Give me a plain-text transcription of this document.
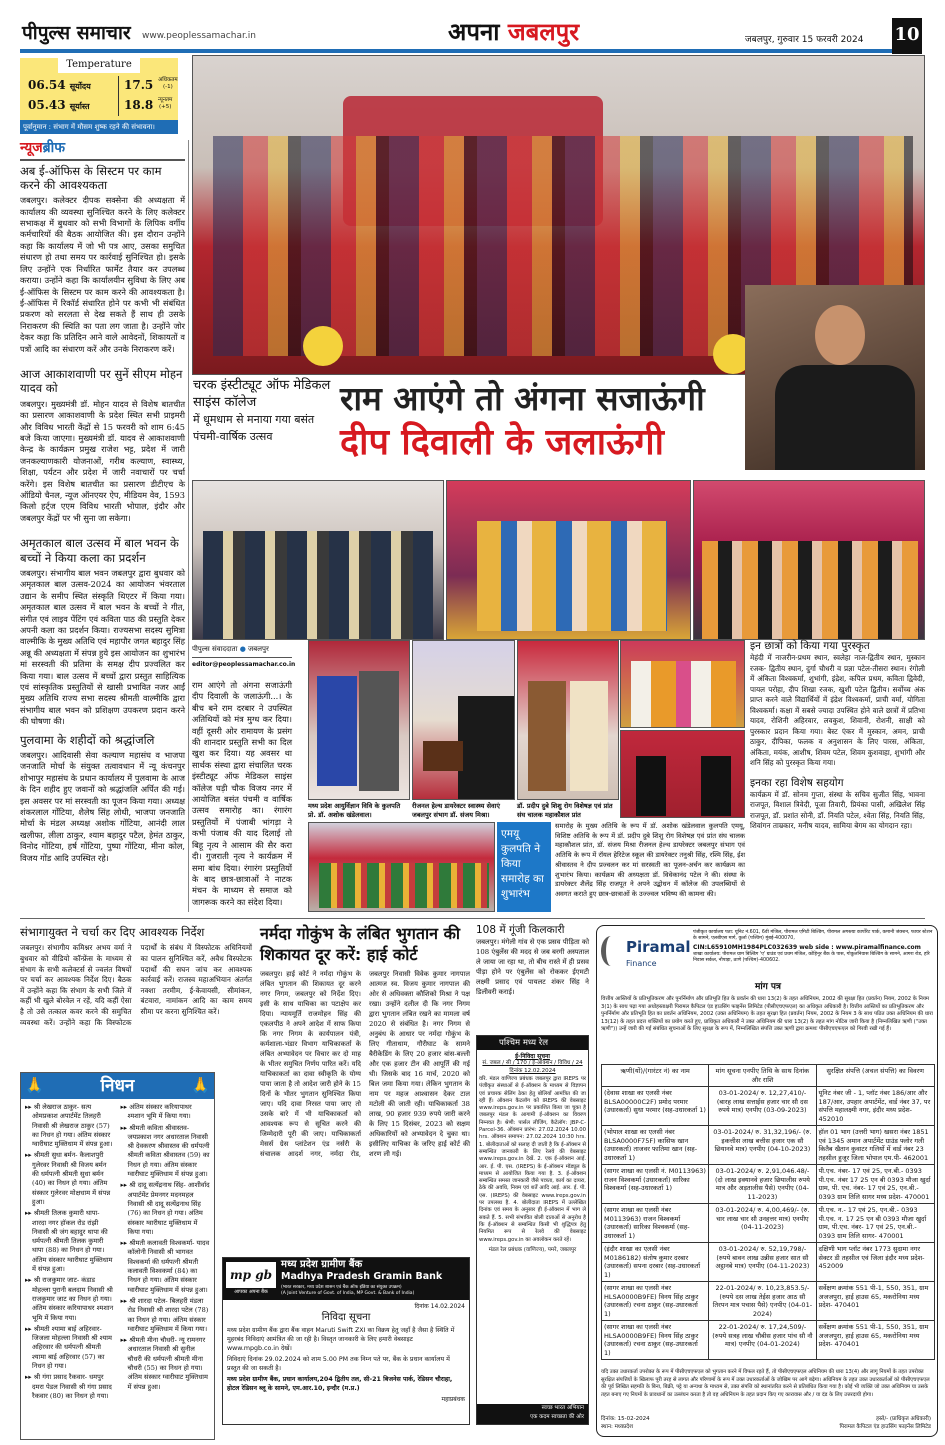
पीपुल्स समाचार www.peoplessamachar.in	अपना जबलपुर	जबलपुर, गुरुवार 15 फरवरी 2024 10
Temperature
06.54 सूर्योदय
05.43 सूर्यास्त
17.5 अधिकतम
(-1)
18.8 न्यूनतम
(+5)
पूर्वानुमान : संभाग में मौसम शुष्क रहने की संभावना।
न्यूजब्रीफ
अब ई-ऑफिस के सिस्टम पर काम करने की आवश्यकता
जबलपुर। कलेक्टर दीपक सक्सेना की अध्यक्षता में कार्यालय की व्यवस्था सुनिश्चित करने के लिए कलेक्टर सभाकक्ष में बुधवार को सभी विभागों के लिपिक वर्गीय कर्मचारियों की बैठक आयोजित की। इस दौरान उन्होंने कहा कि कार्यालय में जो भी पत्र आए, उसका समुचित संधारण हो तथा समय पर कार्रवाई सुनिश्चित हो। इसके लिए उन्होंने एक निर्धारित फार्मेट तैयार कर उपलब्ध कराया। उन्होंने कहा कि कार्यालयीन सुविधा के लिए अब ई-ऑफिस के सिस्टम पर काम करने की आवश्यकता है। ई-ऑफिस में रिकॉर्ड संधारित होने पर कभी भी संबंधित प्रकरण को सरलता से देख सकते हैं साथ ही उसके निराकरण की स्थिति का पता लग जाता है। उन्होंने जोर देकर कहा कि प्रतिदिन आने वाले आवेदनों, शिकायतों व पत्रों आदि का संधारण करें और उनके निराकरण करें।
आज आकाशवाणी पर सुनें सीएम मोहन यादव को
जबलपुर। मुख्यमंत्री डॉ. मोहन यादव से विशेष बातचीत का प्रसारण आकाशवाणी के प्रदेश स्थित सभी प्राइमरी और विविध भारती केंद्रों से 15 फरवरी को शाम 6:45 बजे किया जाएगा। मुख्यमंत्री डॉ. यादव से आकाशवाणी केन्द्र के कार्यक्रम प्रमुख राजेश भट्ट, प्रदेश में जारी जनकल्याणकारी योजनाओं, गरीब कल्याण, स्वास्थ्य, शिक्षा, पर्यटन और प्रदेश में जारी नवाचारों पर चर्चा करेंगे। इस विशेष बातचीत का प्रसारण डीटीएच के ऑडियो चैनल, न्यूज ऑनएयर ऐप, मीडियम वेव, 1593 किलो हर्ट्ज एएम विविध भारती भोपाल, इंदौर और जबलपुर केंद्रों पर भी सुना जा सकेगा।
अमृतकाल बाल उत्सव में बाल भवन के बच्चों ने किया कला का प्रदर्शन
जबलपुर। संभागीय बाल भवन जबलपुर द्वारा बुधवार को अमृतकाल बाल उत्सव-2024 का आयोजन भंवरताल उद्यान के समीप स्थित संस्कृति थिएटर में किया गया। अमृतकाल बाल उत्सव में बाल भवन के बच्चों ने गीत, संगीत एवं लाइव पेंटिंग एवं कविता पाठ की प्रस्तुति देकर अपनी कला का प्रदर्शन किया। राज्यसभा सदस्य सुमित्रा वाल्मीकि के मुख्य अतिथि एवं महापौर जगत बहादुर सिंह अन्नू की अध्यक्षता में संपन्न हुये इस आयोजन का शुभारंभ मां सरस्वती की प्रतिमा के समक्ष दीप प्रज्वलित कर किया गया। बाल उत्सव में बच्चों द्वारा प्रस्तुत साहित्यिक एवं सांस्कृतिक प्रस्तुतियों से खासी प्रभावित नजर आईं मुख्य अतिथि राज्य सभा सदस्य श्रीमती वाल्मीकि द्वारा संभागीय बाल भवन को प्रशिक्षण उपकरण प्रदान करने की घोषणा की।
पुलवामा के शहीदों को श्रद्धांजलि
जबलपुर। आदिवासी सेवा कल्याण महासंघ व भाजपा जनजाति मोर्चा के संयुक्त तत्वावधान में न्यू कंचनपुर शोभापुर महासंघ के प्रधान कार्यालय में पुलवामा के आज के दिन शहीद हुए जवानों को श्रद्धांजलि अर्पित की गई। इस अवसर पर मां सरस्वती का पूजन किया गया। अध्यक्ष शंकरलाल गोंटिया, शैलेष सिंह लोधी, भाजपा जनजाति मोर्चा के मंडल अध्यक्ष अशोक गोंटिया, आनंदी लाल खलीफा, लीला ठाकुर, श्याम बहादुर पटैल, हेमंत ठाकुर, विनोद गोंटिया, हर्ष गोंटिया, पुष्पा गोंटिया, मीना कोल, विजय गोंड आदि उपस्थित रहे।
चरक इंस्टीट्यूट ऑफ मेडिकल साइंस कॉलेज
में धूमधाम से मनाया गया बसंत पंचमी-वार्षिक उत्सव
राम आएंगे तो अंगना सजाऊंगी
दीप दिवाली के जलाऊंगी
पीपुल्स संवाददाता ● जबलपुर
editor@peoplessamachar.co.in
राम आएंगे तो अंगना सजाऊंगी दीप दिवाली के जलाऊंगी...। के बीच बने राम दरबार ने उपस्थित अतिथियों को मंत्र मुग्ध कर दिया। वहीं दूसरी ओर रामायण के प्रसंग की शानदार प्रस्तुति सभी का दिल खुश कर दिया। यह अवसर था सार्थक संस्था द्वारा संचालित चरक इंस्टीट्यूट ऑफ मेडिकल साइंस कॉलेज घड़ी चौक विजय नगर में आयोजित बसंत पंचमी व वार्षिक उत्सव समारोह का। रंगारंग प्रस्तुतियों में पंजाबी भांगड़ा ने कभी पंजाब की याद दिलाई तो बिहू नृत्य ने आसाम की सैर करा दी। गुजराती नृत्य ने कार्यक्रम में समा बांध दिया। रंगारंग प्रस्तुतियों के बाद छात्र-छात्राओं ने नाटक मंचन के माध्यम से समाज को जागरूक करने का संदेश दिया।
मध्य प्रदेश आयुर्विज्ञान विवि के कुलपति प्रो. डॉ. अशोक खंडेलवाल।
रीजनल हेल्थ डायरेक्टर स्वास्थ्य सेवाएं जबलपुर संभाग डॉ. संजय मिश्रा।
डॉ. प्रदीप दुबे शिशु रोग विशेषज्ञ एवं प्रांत संघ चालक महाकौशल प्रांत
एमयू कुलपति ने किया समारोह का शुभारंभ
समारोह के मुख्य अतिथि के रूप में डॉ. अशोक खंडेलवाल कुलपति एमयू, विशिष्ट अतिथि के रूप में डॉ. प्रदीप दुबे शिशु रोग विशेषज्ञ एवं प्रांत संघ चालक महाकौशल प्रांत, डॉ. संजय मिश्रा रीजनल हेल्थ डायरेक्टर जबलपुर संभाग एवं अतिथि के रूप में रॉयल हेरिटेज स्कूल की डायरेक्टर तनुश्री सिंह, रश्मि सिंह, ईश श्रीवास्तव ने दीप प्रज्वलन कर मां सरस्वती का पूजन-अर्चन कर कार्यक्रम का शुभारंभ किया। कार्यक्रम की अध्यक्षता डॉ. विवेकानंद पटेल ने की। संस्था के डायरेक्टर शैलेंद्र सिंह राजपूत ने अपने उद्बोधन में कॉलेज की उपलब्धियों से अवगत कराते हुए छात्र-छात्राओं के उज्ज्वल भविष्य की कामना की।
इन छात्रों को किया गया पुरस्कृत
मेहंदी में नाजरीन-प्रथम स्थान, स्वलेहा नाज-द्वितीय स्थान, मुस्कान रजक- द्वितीय स्थान, दुर्गा चौधरी व प्रज्ञा पटेल-तीसरा स्थान। रंगोली में अंकिता विश्वकर्मा, शुभांगी, इंद्रेश, कपिल प्रथम, कविता द्विवेदी, पायल परोहा, दीप शिखा रजक, खुशी पटेल द्वितीय। सर्वोच्च अंक प्राप्त करने वाले विद्यार्थियों में इंद्रेश विश्वकर्मा, प्राची वर्मा, योगिता विश्वकर्मा। कक्षा में सबसे ज्यादा उपस्थित होने वाले छात्रों में प्रतिभा यादव, रोशिनी अहिरवार, लवकुश, शिवानी, रोशनी, साक्षी को पुरस्कार प्रदान किया गया। बेस्ट एंकर में मुस्कान, अमन, प्राची ठाकुर, दीपिका, फलक व अनुशासन के लिए पारस, अंकिता, अंकिता, मयंक, आशीष, शिवम पटेल, शिवम कुशवाहा, शुभांगी और शनि सिंह को पुरस्कृत किया गया।
इनका रहा विशेष सहयोग
कार्यक्रम में डॉ. सोनम गुप्ता, संस्था के सचिव सुजीत सिंह, भावना राजपूत, विशाल त्रिवेदी, पूजा तिवारी, प्रियंका पासी, अखिलेश सिंह राजपूत, डॉ. प्रशांत सोनी, डॉ. नियति पटेल, श्वेता सिंह, नियति सिंह, शिवांगन ताम्रकार, मनीष यादव, सामिया बेगम का योगदान रहा।
संभागायुक्त ने चर्चा कर दिए आवश्यक निर्देश
जबलपुर। संभागीय कमिश्नर अभय वर्मा ने बुधवार को वीडियो कॉन्फ्रेंस के माध्यम से संभाग के सभी कलेक्टर्स से ज्वलंत विषयों पर चर्चा कर आवश्यक निर्देश दिए। बैठक में उन्होंने कहा कि संभाग के सभी जिले में कहीं भी खुले बोरवेल न रहें, यदि कहीं ऐसा है तो उसे तत्काल कवर करने की समुचित व्यवस्था करें। उन्होंने कहा कि विस्फोटक पदार्थों के संबंध में विस्फोटक अधिनियमों का पालन सुनिश्चित करें, अवैध विस्फोटक पदार्थों की सघन जांच कर आवश्यक कार्रवाई करें। राजस्व महाअभियान अंतर्गत नक्शा तरमीम, ई-केवायसी, सीमांकन, बंटवारा, नामांकन आदि का काम समय सीमा पर करना सुनिश्चित करें।
निधन
🙏	🙏
▸▸ श्री लेखराज ठाकुर- सत्य ओमप्रकाश अपार्टमेंट तिलहरी निवासी श्री लेखराज ठाकुर (57) का निधन हो गया। अंतिम संस्कार ग्वारीघाट मुक्तिधाम में संपन्न हुआ।
▸▸ श्रीमती सुधा बर्मन- कैलाशपुरी गुलेरवर निवासी श्री विजय बर्मन की धर्मपत्नी श्रीमती सुधा बर्मन (40) का निधन हो गया। अंतिम संस्कार गुलेरवर मोक्षधाम में संपन्न हुआ।
▸▸ श्रीमती तिलक कुमारी थापा- शारदा नगर हॉकल रोड रांझी निवासी श्री जंग बहादुर थापा की धर्मपत्नी श्रीमती तिलक कुमारी थापा (88) का निधन हो गया। अंतिम संस्कार ग्वारीघाट मुक्तिधाम में संपन्न हुआ।
▸▸ श्री राजकुमार जाट- कंडाड मोहल्ला पुरानी बलदाम निवासी श्री राजकुमार जाट का निधन हो गया। अंतिम संस्कार करियापाथर श्मशान भूमि में किया गया।
▸▸ श्रीमती श्यामा बाई अहिरवार- जिजला मोहल्ला निवासी श्री श्याम अहिरवार की धर्मपत्नी श्रीमती श्यामा बाई अहिरवार (57) का निधन हो गया।
▸▸ श्री गंगा प्रसाद रैकवार- धमपुर दमरा पेडल निवासी श्री गंगा प्रसाद रैकवार (80) का निधन हो गया।
▸▸ अंतिम संस्कार करियापाथर श्मशान भूमि में किया गया।
▸▸ श्रीमती कविता श्रीवास्तव- जयप्रकाश नगर अधारताल निवासी श्री देवकरण श्रीवास्तव की धर्मपत्नी श्रीमती कविता श्रीवास्तव (59) का निधन हो गया। अंतिम संस्कार ग्वारीघाट मुक्तिधाम में संपन्न हुआ।
▸▸ श्री दादू सत्येंद्रनाथ सिंह- आशीर्वाद अपार्टमेंट प्रेमनगर मदनमहल निवासी श्री दादू सत्येंद्रनाथ सिंह (76) का निधन हो गया। अंतिम संस्कार ग्वारीघाट मुक्तिधाम में किया गया।
▸▸ श्रीमती कलावती विश्वकर्मा- यादव कॉलोनी निवासी श्री भागवत विश्वकर्मा की धर्मपत्नी श्रीमती कलावती विश्वकर्मा (84) का निधन हो गया। अंतिम संस्कार ग्वारीघाट मुक्तिधाम में संपन्न हुआ।
▸▸ श्री शारदा पटेल- बिलहरी मंडला रोड निवासी श्री शारदा पटेल (78) का निधन हो गया। अंतिम संस्कार ग्वारीघाट मुक्तिधाम में किया गया।
▸▸ श्रीमती मीना चौधरी- न्यू रामनगर अधारताल निवासी श्री सुनील चौधरी की धर्मपत्नी श्रीमती मीना चौधरी (55) का निधन हो गया। अंतिम संस्कार ग्वारीघाट मुक्तिधाम में संपन्न हुआ।
नर्मदा गोकुंभ के लंबित भुगतान की शिकायत दूर करें: हाई कोर्ट
जबलपुर। हाई कोर्ट ने नर्मदा गोकुंभ के लंबित भुगतान की शिकायत दूर करने नगर निगम, जबलपुर को निर्देश दिए। इसी के साथ याचिका का पटाक्षेप कर दिया। न्यायमूर्ति राजमोहन सिंह की एकलपीठ ने अपने आदेश में साफ किया कि नगर निगम के कार्यपालन यंत्री, कर्मशाला-भंडार विभाग याचिकाकर्ता के लंबित अभ्यावेदन पर विचार कर दो माह के भीतर समुचित निर्णय पारित करें। यदि याचिकाकर्ता का दावा स्वीकृति के योग्य पाया जाता है तो आदेश जारी होने के 15 दिनों के भीतर भुगतान सुनिश्चित किया जाए। यदि दावा निरस्त पाया जाए तो उसके बारे में भी याचिकाकर्ता को आवश्यक रूप से सूचित करने की जिम्मेदारी पूरी की जाए। याचिकाकर्ता मेसर्स ग्रेस प्लांटेशन एंड नर्सरी के संचालक आदर्श नगर, नर्मदा रोड, जबलपुर निवासी विवेक कुमार नागपाल आत्मज स्व. विजय कुमार नागपाल की ओर से अधिवक्ता कौशिको मिश्रा ने पक्ष रखा। उन्होंने दलील दी कि नगर निगम द्वारा भुगतान लंबित रखने का मामला वर्ष 2020 से संबंधित है। नगर निगम से अनुबंध के आधार पर नर्मदा गोकुंभ के लिए गीताधाम, गौरीघाट के सामने बैरीकेडिंग के लिए 20 हजार बांस-बल्ली और एक हजार टीन की आपूर्ति की गई थी। जिसके बाद 16 मार्च, 2020 को बिल जमा किया गया। लेकिन भुगतान के नाम पर महज आश्वासन देकर टाल मटोली की जाती रही। याचिकाकर्ता 38 लाख, 90 हजार 939 रुपये जारी करने के लिए 15 दिसंबर, 2023 को सक्षम अधिकारियों को अभ्यावेदन दे चुका था। इसीलिए याचिका के जरिए हाई कोर्ट की शरण ली गई।
mp gb
आपका अपना बैंक
मध्य प्रदेश ग्रामीण बैंक
Madhya Pradesh Gramin Bank
(भारत सरकार, मध्य प्रदेश शासन एवं बैंक ऑफ इंडिया का संयुक्त उपक्रम)
(A Joint Venture of Govt. of India, MP Govt. & Bank of India)
दिनांक 14.02.2024
निविदा सूचना
मध्य प्रदेश ग्रामीण बैंक द्वारा बैंक वाहन Maruti Swift ZXI का विक्रय हेतु जहाँ है जैसा है स्थिति में मुहरबंद निविदाएं आमंत्रित की जा रही है। विस्तृत जानकारी के लिए हमारी वेबसाइट www.mpgb.co.in देखें।
निविदाएं दिनांक 29.02.2024 को शाम 5.00 PM तक निम्न पते पर, बैंक के प्रधान कार्यालय में प्रस्तुत की जा सकती है।
मध्य प्रदेश ग्रामीण बैंक, प्रधान कार्यालय,204 द्वितीय तल, सी-21 बिजनेस पार्क, रेडिसन चौराहा, होटल रेडिसन ब्लू के सामने, एम.आर.10, इन्दौर (म.प्र.)
महाप्रबंधक
108 में गूंजी किलकारी
जबलपुर। मंगेली गांव से एक प्रसव पीड़िता को 108 एंबुलेंस की मदद से जब बरगी अस्पताल ले जाया जा रहा था, तो बीच रास्ते में ही प्रसव पीड़ा होने पर एंबुलेंस को रोककर ईएमटी लक्ष्मी प्रसाद एवं पायलट शंकर सिंह ने डिलीवरी कराई।
पश्चिम मध्य रेल
ई-निविदा सूचना
सं. जबल / सी / 170 / ई-ऑक्शन / विविध / 24 दिनांक 12.02.2024
वरि. मंडल वाणिज्य प्रबंधक जबलपुर द्वारा IREPS पर पंजीकृत संस्थाओं से ई-ऑक्शन के माध्यम से विज्ञापन एवं प्रचारक सेलिंग ठेका हेतु बोलियाँ आमंत्रित की जा रही हैं। ऑक्शन कैटलॉग को IREPS की वेबसाइट www.ireps.gov.in पर प्रकाशित किया जा चुका है जबलपुर मंडल के आगामी ई-ऑक्शन का विवरण निम्नवत है। श्रेणी: पार्सल लीजिंग, कैटेलॉग: JBP-C-Parcel-36. ऑक्शन प्रारंभ: 27.02.2024 10.00 hrs. ऑक्शन समापन: 27.02.2024 10:30 hrs. 1. बोलीदाताओं को सलाह दी जाती है कि ई-ऑक्शन से सम्बन्धित जानकारी के लिए रेलवे की वेबसाइट www.ireps.gov.in देखें. 2. एक ई-ऑक्शन आई. आर. ई. पी. एस. (IREPS) के ई-ऑक्शन मॉड्यूल के माध्यम से आयोजित किया गया है. 3. ई-ऑक्शन सम्बन्धित समस्त जानकारी जैसे पात्रता, कार्य का दायरा, ठेके की अवधि, नियम एवं शर्तें आदि आई. आर. ई. पी. एस. (IREPS) की वेबसाइट www.ireps.gov.in पर उपलब्ध है. 4. बोलीदाता IREPS में उल्लेखित दिनांक एवं समय के अनुसार ही ई-ऑक्शन में भाग ले सकते हैं. 5. सभी संभावित बोली दाताओं से अनुरोध है कि ई-ऑक्शन से सम्बन्धित किसी भी शुद्धिपत्र हेतु नियमित रूप से रेलवे की वेबसाइट www.ireps.gov.in का अवलोकन करते रहें।
मंडल रेल प्रबंधक (वाणिज्य), पमरे, जबलपुर
स्वच्छ भारत अभियान
एक कदम स्वच्छता की ओर
Piramal
Finance
पंजीकृत कार्यालय पता: यूनिट नं.601, 6वी मंजिल, पीरामल एमिटी बिल्डिंग, पीरामल अगस्त्या कार्पोरेट पार्क, कमानी जंक्शन, फायर स्टेशन के सामने, एलबीएस मार्ग, कुर्ला (पश्चिम) मुंबई-400070,
CIN:L65910MH1984PLC032639 web side : www.piramalfinance.com
शाखा कार्यालय: पीरामल ग्राम बिल्डिंग 'ए' ग्राउंड एवं प्रथम मंजिल, कोहिनूर बैंक के पास, गोकुलनिवास बिल्डिंग के सामने, आगरा रोड, हरि निवास सर्कल, नौपाड़ा, ठाणे (पश्चिम)-400602.
मांग पत्र
वित्तीय आस्तियों के प्रतिभूतिकरण और पुनर्निर्माण और प्रतिभूति हित के प्रवर्तन की धारा 13(2) के तहत अधिनियम, 2002 की सुरक्षा हित (प्रवर्तन) नियम, 2002 के नियम 3(1) के साथ पढ़ा गया अधोहस्ताक्षरी पिरामल कैपिटल एंड हाउसिंग फाइनेंस लिमिटेड (पीसीएचएफएल) का अधिकृत अधिकारी है। वित्तीय आस्तियों का प्रतिभूतिकरण और पुनर्निर्माण और प्रतिभूति हित का प्रवर्तन अधिनियम, 2002 (उक्त अधिनियम) के तहत सुरक्षा हित (प्रवर्तन) नियम, 2002 के नियम 3 के साथ पठित उक्त अधिनियम की धारा 13(12) के तहत प्रदत्त शक्तियों का प्रयोग करते हुए, प्राधिकृत अधिकारी ने उक्त अधिनियम की धारा 13(2) के तहत मांग नोटिस जारी किया है (निम्नलिखित ऋणी ("उक्त ऋणी")) उन्हें जारी की गई संबंधित सूचनाओं के लिए सुरक्षा के रूप में, निम्नलिखित संपत्ति उक्त ऋणी द्वारा क्रमशः पीसीएचएफएल को गिरवी रखी गई हैं।
ऋणी(यों)/(गारंटर नं) का नाम	मांग सूचना एनपीए तिथि के साथ दिनांक और राशि	सुरक्षित संपत्ति (अचल संपत्ति) का विवरण
(देवास शाखा का एलसी नंबर BLSA00000C2F) प्रमोद परमार (उधारकर्ता) सुधा परमार (सह-उधारकर्ता 1)	03-01-2024/ रु. 12,27,410/- (बारह लाख सत्ताईस हजार चार सौ दस रुपये मात्र) एनपीए (03-09-2023)	यूनिट नंबर जी - 1, प्लॉट नंबर 186/आर और 187/आर, उपहार अपार्टमेंट, वार्ड नंबर 37, पर संपत्ति महालक्ष्मी नगर, इंदौर मध्य प्रदेश- 452010
(भोपाल शाखा का एलसी नंबर BLSA0000F75F) कासिफ खान (उधारकर्ता) ताजवर फातिमा खान (सह-उधारकर्ता 1)	03-01-2024/ रु. 31,32,196/- (रु. इकत्तीस लाख बत्तीस हजार एक सौ छियानवे मात्र) एनपीए (04-10-2023)	हॉल 01 भाग (उत्तरी भाग) खसरा नंबर 1851 एवं 1345 अमान अपार्टमेंट ग्राउंड फ्लोर गली कितैब खैतान कुवाटर गलियों में वार्ड नंबर 23 तहसील हुजूर जिला भोपाल एम.पी- 462001
(सागर शाखा का एलसी नं. M0113963) राजन विश्वकर्मा (उधारकर्ता) सारिका विश्वकर्मा (सह-उधारकर्ता 1)	03-01-2024/ रु. 2,91,046.48/- (दो लाख इक्यानवे हजार छियालीस रुपये मात्र और अड़तालीस पैसे) एनपीए (04-11-2023)	पी.एच. नंबर- 17 एवं 25, एन.बी.- 0393 पी.एच. नंबर 17 25 एन बी 0393 मौजा खुर्दा ग्राम, पी. एच. नंबर- 17 एवं 25, एन.बी.- 0393 ग्राम तिलि सागर मध्य प्रदेश- 470001
(सागर शाखा का एलसी नंबर M0113963) राजन विश्वकर्मा (उधारकर्ता) सारिका विश्वकर्मा (सह-उधारकर्ता 1)	03-01-2024/ रु. 4,00,469/- (रु. चार लाख चार सौ उनहत्तर मात्र) एनपीए (04-11-2023)	पी.एच. न.- 17 एवं 25, एन.बी.- 0393 पी.एच. न. 17 25 एन बी 0393 मौजा खुर्दा ग्राम, पी.एच. नंबर- 17 एवं 25, एन.बी.- 0393 ग्राम तिलि सागर- 470001
(इंदौर शाखा का एलसी नंबर M0186182) संतोष कुमार दरबार (उधारकर्ता) सपना दरबार (सह-उधारकर्ता 1)	03-01-2024/ रु. 52,19,798/- (रुपये बावन लाख उन्नीस हजार सात सौ अट्ठानबे मात्र) एनपीए (04-11-2023)	दक्षिणी भाग प्लॉट नंबर 1773 सुदामा नगर सेक्टर डी तहसील एवं जिला इंदौर मध्य प्रदेश- 452009
(सागर शाखा का एलसी नंबर HLSA0000B9FE) विनय सिंह ठाकुर (उधारकर्ता) रचना ठाकुर (सह-उधारकर्ता 1)	22-01-2024/ रु. 10,23,853.5/- (रुपये दस लाख तेईस हजार आठ सौ तिरपन मात्र पचास पैसे) एनपीए (04-01-2024)	सर्वेक्षण क्रमांक 551 पी-1, 550, 351, ग्राम अजजपुरा, हाई हाउस 65, मकरोनिया मध्य प्रदेश- 470401
(सागर शाखा का एलसी नंबर HLSA0000B9FE) विनय सिंह ठाकुर (उधारकर्ता) रचना ठाकुर (सह-उधारकर्ता 1)	22-01-2024/ रु. 17,24,509/- (रुपये सत्रह लाख चौबीस हजार पांच सौ नौ मात्र) एनपीए (04-01-2024)	सर्वेक्षण क्रमांक 551 पी-1, 550, 351, ग्राम अजजपुरा, हाई हाउस 65, मकरोनिया मध्य प्रदेश- 470401
यदि उक्त उधारकर्ता उपरोक्त के रूप में पीसीएचएफएल को भुगतान करने में विफल रहते हैं, तो पीसीएचएफएल अधिनियम की धारा 13(4) और लागू नियमों के तहत उपरोक्त सुरक्षित संपत्तियों के खिलाफ पूरी तरह से लागत और परिणामों के रूप में उक्त उधारकर्ताओं के जोखिम पर आगे बढ़ेगा। अधिनियम के तहत उक्त उधारकर्ताओं को पीसीएचएफएल की पूर्व लिखित सहमति के बिना, बिक्री, पट्टे या अन्यथा के माध्यम से, उक्त संपत्ति को स्थानांतरित करने से प्रतिबंधित किया गया है। कोई भी व्यक्ति जो उक्त अधिनियम या उसके तहत बनाए गए नियमों के प्रावधानों का उल्लंघन करता है तो वह अधिनियम के तहत प्रदान किए गए कारावास और / या दंड के लिए उत्तरदायी होगा।
दिनांक: 15-02-2024
स्थान: मध्यप्रदेश
हस्ते/- (प्राधिकृत अधिकारी)
पिरामल कैपिटल एंड हाउसिंग फाइनेंस लिमिटेड
